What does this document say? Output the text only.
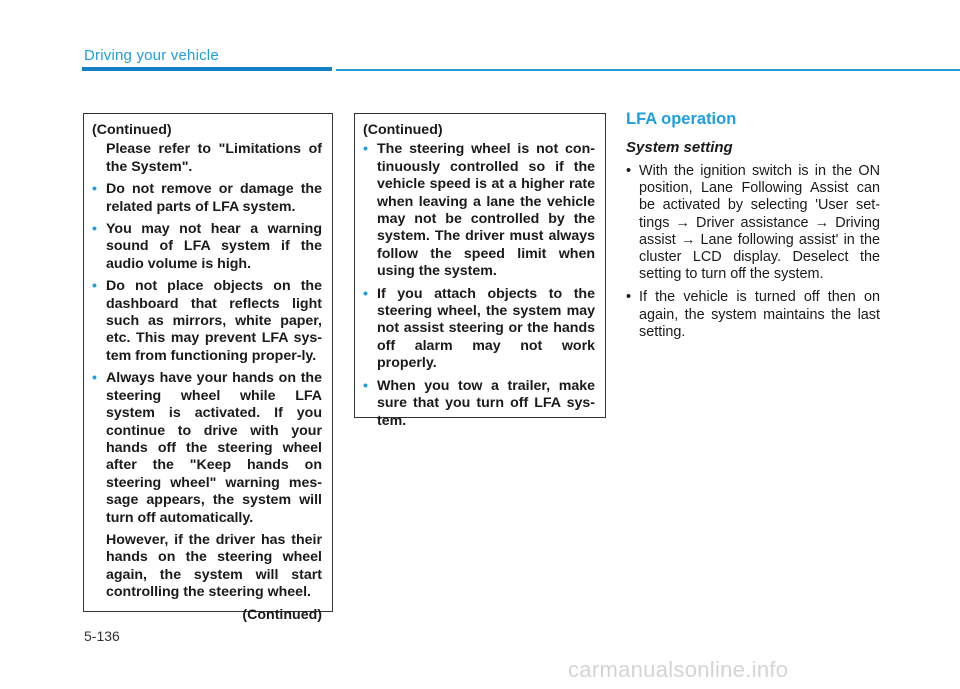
Driving your vehicle
(Continued)
Please refer to "Limitations of the System".
• Do not remove or damage the related parts of LFA system.
• You may not hear a warning sound of LFA system if the audio volume is high.
• Do not place objects on the dashboard that reflects light such as mirrors, white paper, etc. This may prevent LFA sys-tem from functioning proper-ly.
• Always have your hands on the steering wheel while LFA system is activated. If you continue to drive with your hands off the steering wheel after the "Keep hands on steering wheel" warning mes-sage appears, the system will turn off automatically.
However, if the driver has their hands on the steering wheel again, the system will start controlling the steering wheel.
(Continued)
(Continued)
• The steering wheel is not con-tinuously controlled so if the vehicle speed is at a higher rate when leaving a lane the vehicle may not be controlled by the system. The driver must always follow the speed limit when using the system.
• If you attach objects to the steering wheel, the system may not assist steering or the hands off alarm may not work properly.
• When you tow a trailer, make sure that you turn off LFA sys-tem.
LFA operation
System setting
• With the ignition switch is in the ON position, Lane Following Assist can be activated by selecting 'User set-tings → Driver assistance → Driving assist → Lane following assist' in the cluster LCD display. Deselect the setting to turn off the system.
• If the vehicle is turned off then on again, the system maintains the last setting.
5-136
carmanualsonline.info
